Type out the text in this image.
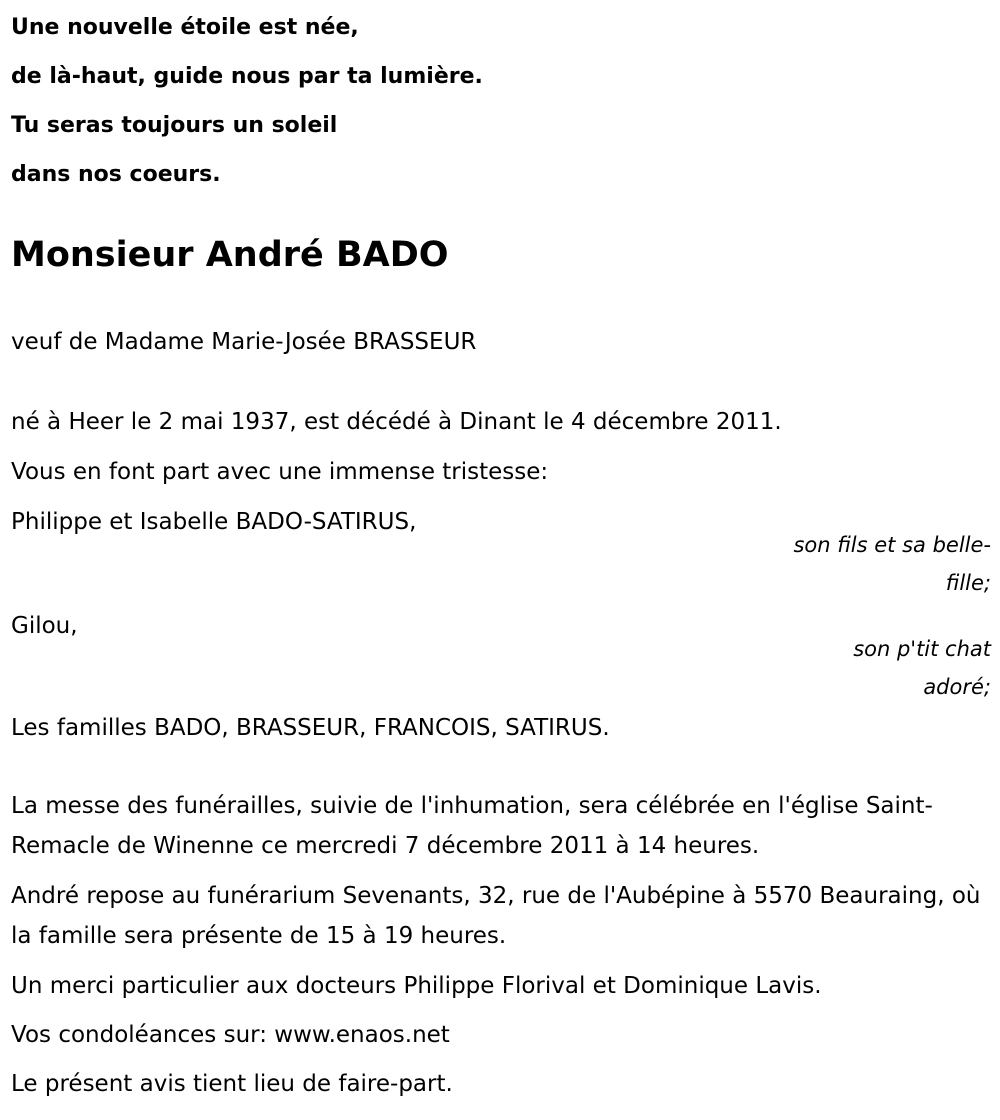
Une nouvelle étoile est née,
de là-haut, guide nous par ta lumière.
Tu seras toujours un soleil
dans nos coeurs.
Monsieur André BADO
veuf de Madame Marie-Josée BRASSEUR
né à Heer le 2 mai 1937, est décédé à Dinant le 4 décembre 2011.
Vous en font part avec une immense tristesse:
Philippe et Isabelle BADO-SATIRUS,
son fils et sa belle-
fille;
Gilou,
son p'tit chat
adoré;
Les familles BADO, BRASSEUR, FRANCOIS, SATIRUS.
La messe des funérailles, suivie de l'inhumation, sera célébrée en l'église Saint-Remacle de Winenne ce mercredi 7 décembre 2011 à 14 heures.
André repose au funérarium Sevenants, 32, rue de l'Aubépine à 5570 Beauraing, où la famille sera présente de 15 à 19 heures.
Un merci particulier aux docteurs Philippe Florival et Dominique Lavis.
Vos condoléances sur: www.enaos.net
Le présent avis tient lieu de faire-part.
